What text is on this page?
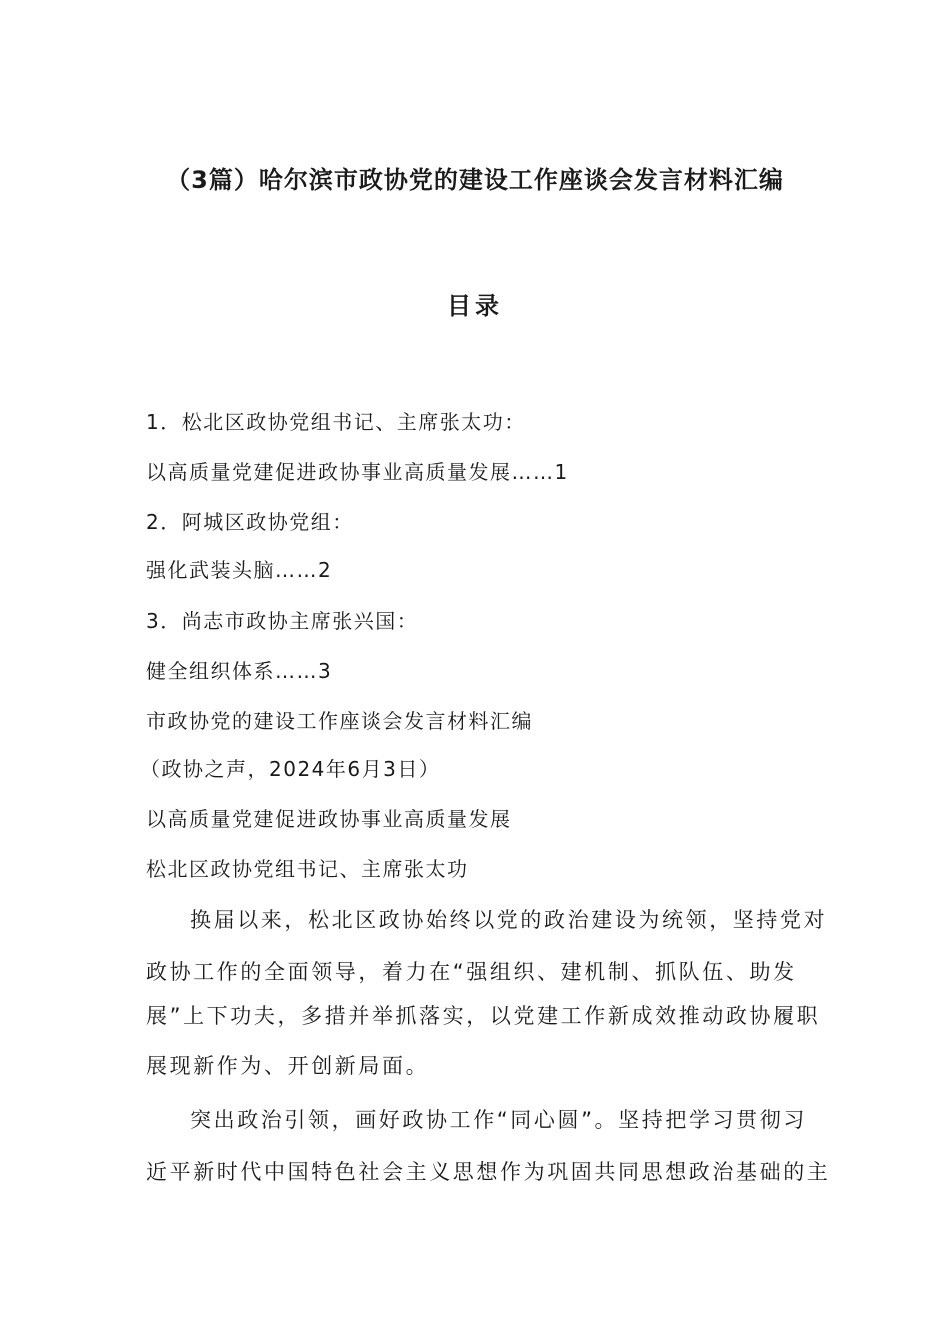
（3篇）哈尔滨市政协党的建设工作座谈会发言材料汇编
目录
1．松北区政协党组书记、主席张太功：
以高质量党建促进政协事业高质量发展……1
2．阿城区政协党组：
强化武装头脑……2
3．尚志市政协主席张兴国：
健全组织体系……3
市政协党的建设工作座谈会发言材料汇编
（政协之声，2024年6月3日）
以高质量党建促进政协事业高质量发展
松北区政协党组书记、主席张太功
换届以来，松北区政协始终以党的政治建设为统领，坚持党对
政协工作的全面领导，着力在“强组织、建机制、抓队伍、助发
展”上下功夫，多措并举抓落实，以党建工作新成效推动政协履职
展现新作为、开创新局面。
突出政治引领，画好政协工作“同心圆”。坚持把学习贯彻习
近平新时代中国特色社会主义思想作为巩固共同思想政治基础的主
